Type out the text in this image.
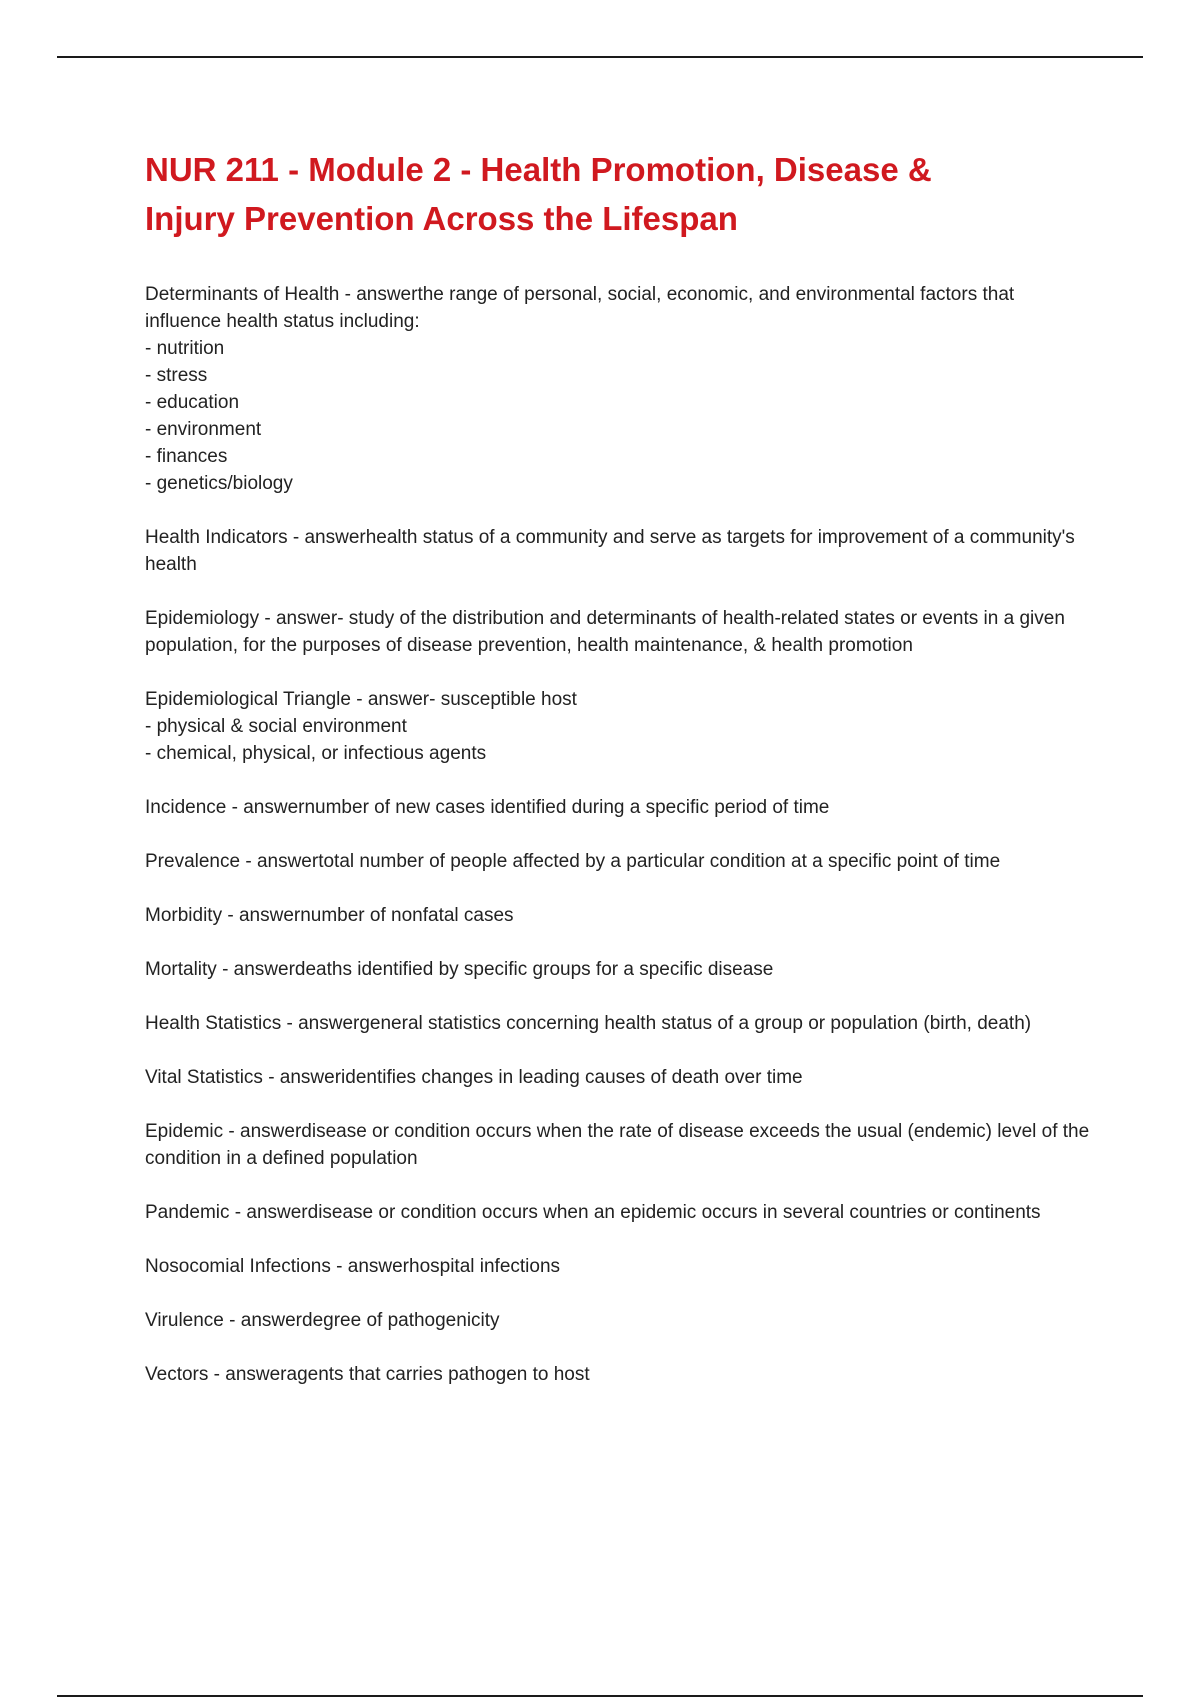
NUR 211 - Module 2 - Health Promotion, Disease &
Injury Prevention Across the Lifespan
Determinants of Health - answerthe range of personal, social, economic, and environmental factors that influence health status including:
- nutrition
- stress
- education
- environment
- finances
- genetics/biology
Health Indicators - answerhealth status of a community and serve as targets for improvement of a community's health
Epidemiology - answer- study of the distribution and determinants of health-related states or events in a given population, for the purposes of disease prevention, health maintenance, & health promotion
Epidemiological Triangle - answer- susceptible host
- physical & social environment
- chemical, physical, or infectious agents
Incidence - answernumber of new cases identified during a specific period of time
Prevalence - answertotal number of people affected by a particular condition at a specific point of time
Morbidity - answernumber of nonfatal cases
Mortality - answerdeaths identified by specific groups for a specific disease
Health Statistics - answergeneral statistics concerning health status of a group or population (birth, death)
Vital Statistics - answeridentifies changes in leading causes of death over time
Epidemic - answerdisease or condition occurs when the rate of disease exceeds the usual (endemic) level of the condition in a defined population
Pandemic - answerdisease or condition occurs when an epidemic occurs in several countries or continents
Nosocomial Infections - answerhospital infections
Virulence - answerdegree of pathogenicity
Vectors - answeragents that carries pathogen to host
